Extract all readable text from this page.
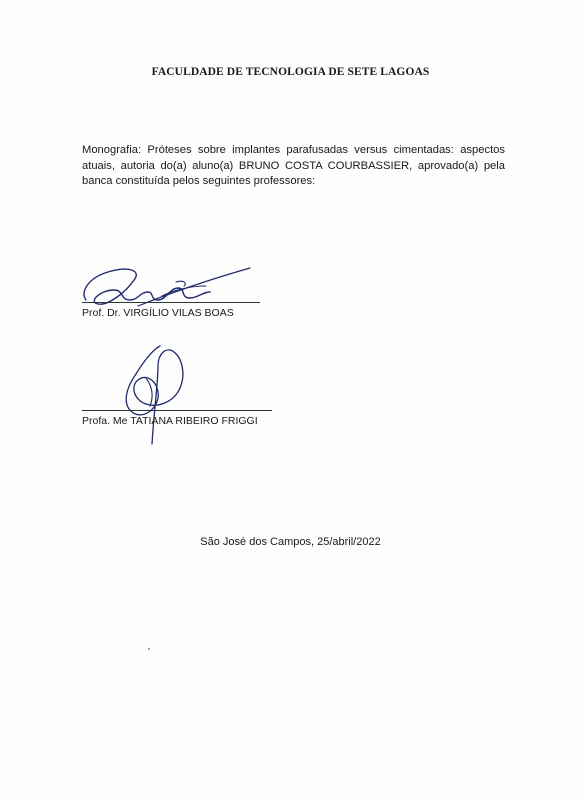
FACULDADE DE TECNOLOGIA DE SETE LAGOAS
Monografia: Próteses sobre implantes parafusadas versus cimentadas: aspectos atuais, autoria do(a) aluno(a) BRUNO COSTA COURBASSIER, aprovado(a) pela banca constituída pelos seguintes professores:
Prof. Dr. VIRGÍLIO VILAS BOAS
Profa. Me TATIANA RIBEIRO FRIGGI
São José dos Campos, 25/abril/2022
